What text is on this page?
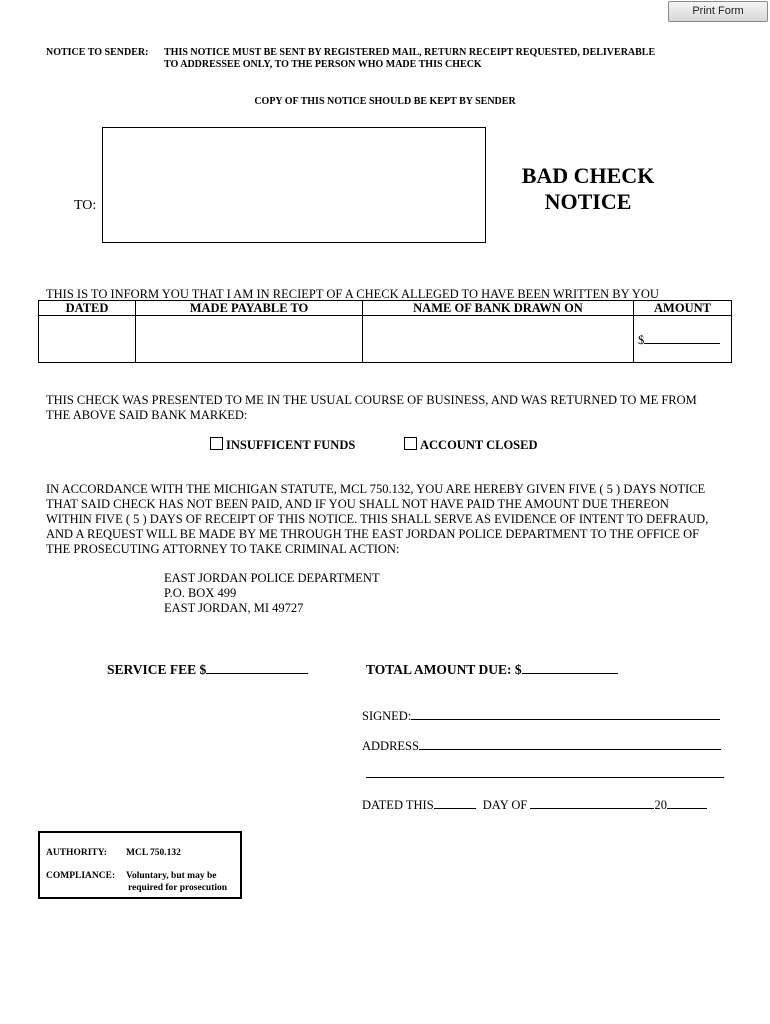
Print Form
NOTICE TO SENDER: THIS NOTICE MUST BE SENT BY REGISTERED MAIL, RETURN RECEIPT REQUESTED, DELIVERABLE
TO ADDRESSEE ONLY, TO THE PERSON WHO MADE THIS CHECK
COPY OF THIS NOTICE SHOULD BE KEPT BY SENDER
TO:
BAD CHECK
NOTICE
THIS IS TO INFORM YOU THAT I AM IN RECIEPT OF A CHECK ALLEGED TO HAVE BEEN WRITTEN BY YOU
DATED	MADE PAYABLE TO	NAME OF BANK DRAWN ON	AMOUNT
			$
THIS CHECK WAS PRESENTED TO ME IN THE USUAL COURSE OF BUSINESS, AND WAS RETURNED TO ME FROM
THE ABOVE SAID BANK MARKED:
INSUFFICENT FUNDS	ACCOUNT CLOSED
IN ACCORDANCE WITH THE MICHIGAN STATUTE, MCL 750.132, YOU ARE HEREBY GIVEN FIVE ( 5 ) DAYS NOTICE
THAT SAID CHECK HAS NOT BEEN PAID, AND IF YOU SHALL NOT HAVE PAID THE AMOUNT DUE THEREON
WITHIN FIVE ( 5 ) DAYS OF RECEIPT OF THIS NOTICE. THIS SHALL SERVE AS EVIDENCE OF INTENT TO DEFRAUD,
AND A REQUEST WILL BE MADE BY ME THROUGH THE EAST JORDAN POLICE DEPARTMENT TO THE OFFICE OF
THE PROSECUTING ATTORNEY TO TAKE CRIMINAL ACTION:
EAST JORDAN POLICE DEPARTMENT
P.O. BOX 499
EAST JORDAN, MI 49727
SERVICE FEE $	TOTAL AMOUNT DUE: $
SIGNED:
ADDRESS
DATED THIS	DAY OF	20
AUTHORITY: MCL 750.132
COMPLIANCE: Voluntary, but may be
required for prosecution
